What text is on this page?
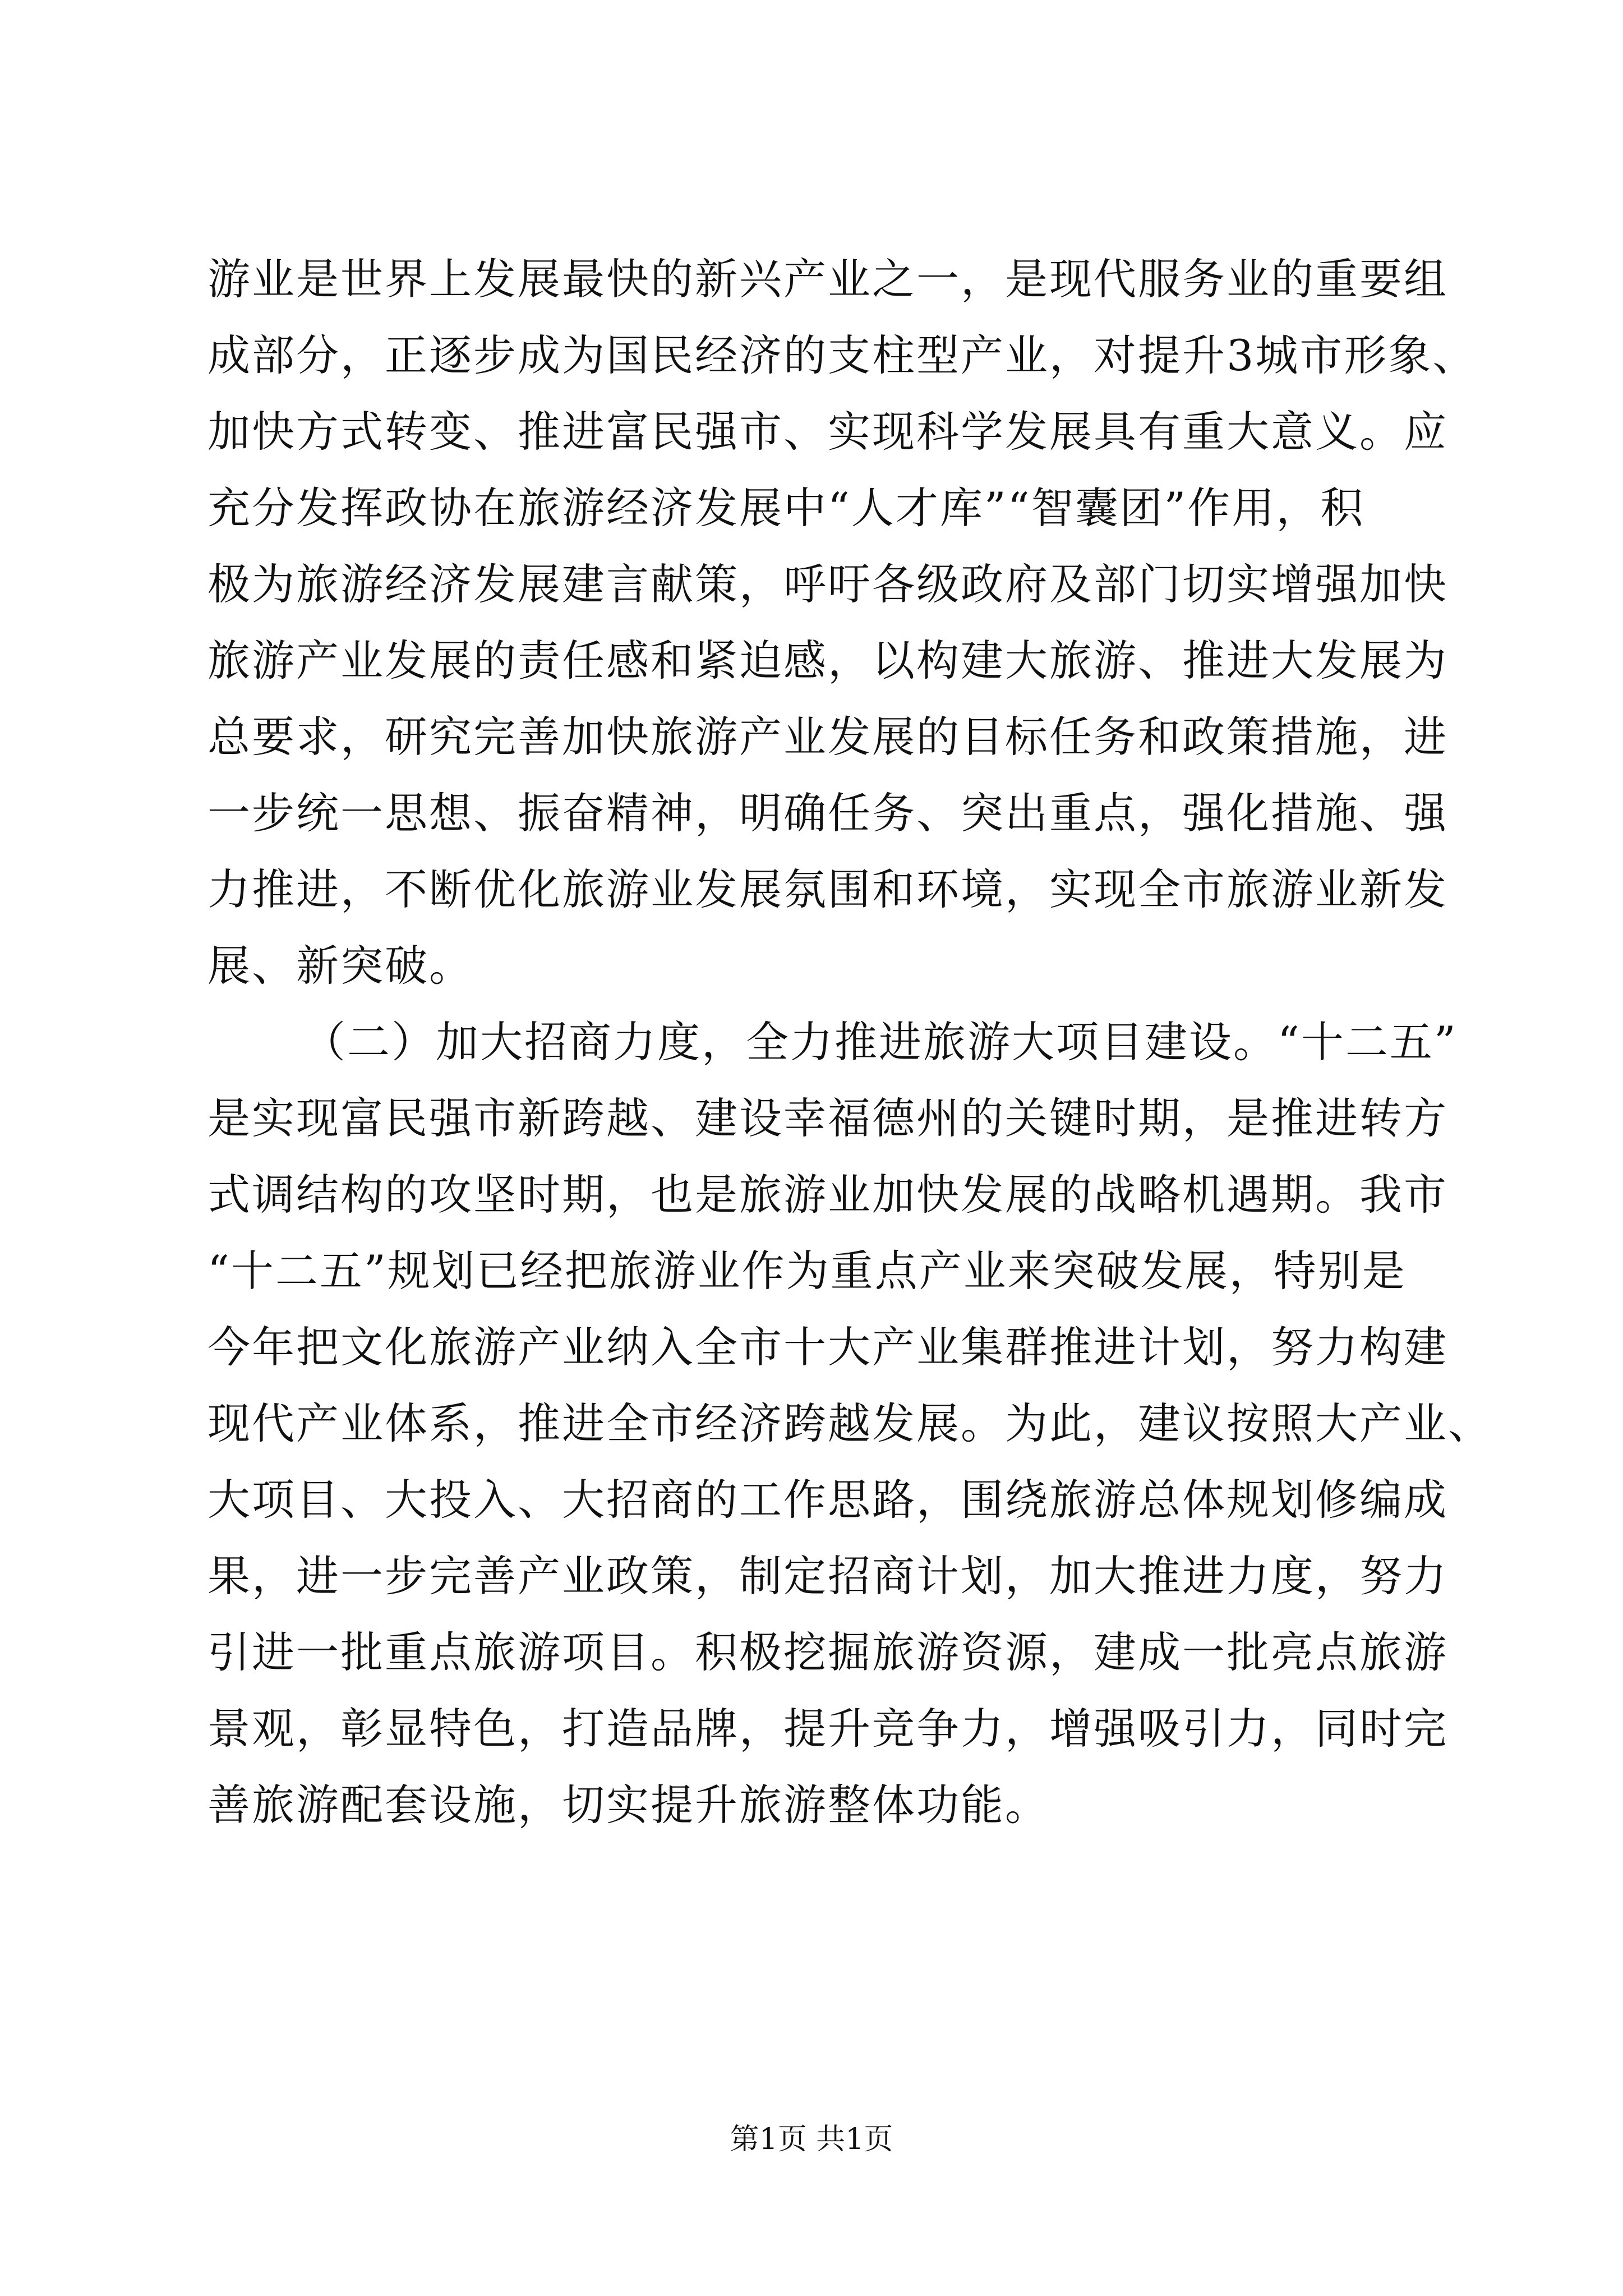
游业是世界上发展最快的新兴产业之一，是现代服务业的重要组
成部分，正逐步成为国民经济的支柱型产业，对提升3城市形象、
加快方式转变、推进富民强市、实现科学发展具有重大意义。应
充分发挥政协在旅游经济发展中“人才库”“智囊团”作用，积
极为旅游经济发展建言献策，呼吁各级政府及部门切实增强加快
旅游产业发展的责任感和紧迫感，以构建大旅游、推进大发展为
总要求，研究完善加快旅游产业发展的目标任务和政策措施，进
一步统一思想、振奋精神，明确任务、突出重点，强化措施、强
力推进，不断优化旅游业发展氛围和环境，实现全市旅游业新发
展、新突破。
（二）加大招商力度，全力推进旅游大项目建设。“十二五”
是实现富民强市新跨越、建设幸福德州的关键时期，是推进转方
式调结构的攻坚时期，也是旅游业加快发展的战略机遇期。我市
“十二五”规划已经把旅游业作为重点产业来突破发展，特别是
今年把文化旅游产业纳入全市十大产业集群推进计划，努力构建
现代产业体系，推进全市经济跨越发展。为此，建议按照大产业、
大项目、大投入、大招商的工作思路，围绕旅游总体规划修编成
果，进一步完善产业政策，制定招商计划，加大推进力度，努力
引进一批重点旅游项目。积极挖掘旅游资源，建成一批亮点旅游
景观，彰显特色，打造品牌，提升竞争力，增强吸引力，同时完
善旅游配套设施，切实提升旅游整体功能。
第1页 共1页
